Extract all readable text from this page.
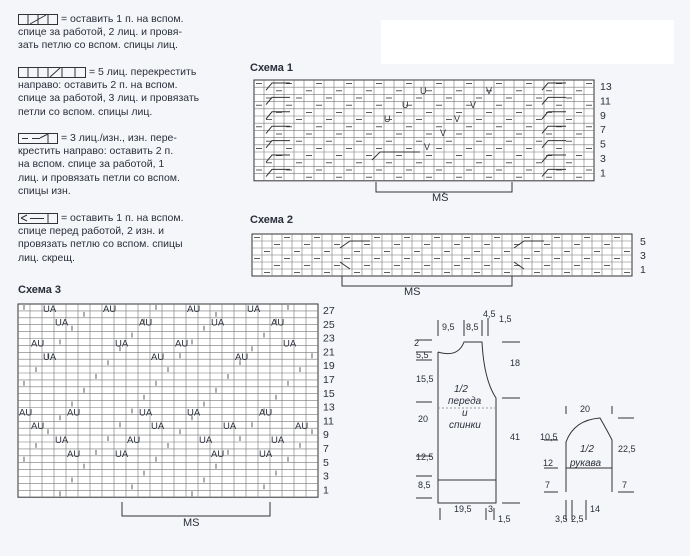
= оставить 1 п. на вспом.
спице за работой, 2 лиц. и провя-
зать петлю со вспом. спицы лиц.
= 5 лиц. перекрестить
направо: оставить 2 п. на вспом.
спице за работой, 3 лиц. и провязать
петли со вспом. спицы лиц.
= 3 лиц./изн., изн. пере-
крестить направо: оставить 2 п.
на вспом. спице за работой, 1
лиц. и провязать петли со вспом.
спицы изн.
= оставить 1 п. на вспом.
спице перед работой, 2 изн. и
провязать петлю со вспом. спицы
лиц. скрещ.
Схема 1
Схема 2
Схема 3
U	V
U	V
U	V
V
V
13
11
9
7
5
3
1
MS
5
3
1
MS
UA	AU	AU	UA
UA	AU	UA	AU
AU	UA	AU	UA
UA	AU	AU
AU	AU	UA	UA	AU
AU	UA	UA	AU
UA	AU	UA	UA
AU	UA	AU	UA
27
25
23
21
19
17
15
13
11
9
7
5
3
1
MS
1/2
переда
и
спинки
9,5 8,5
4,5 1,5
2
5,5
15,5
20
12,5
8,5
18
41
19,5 3
1,5
1/2
рукава
20
10,5
12
7
22,5
7
3,5 2,5
14
